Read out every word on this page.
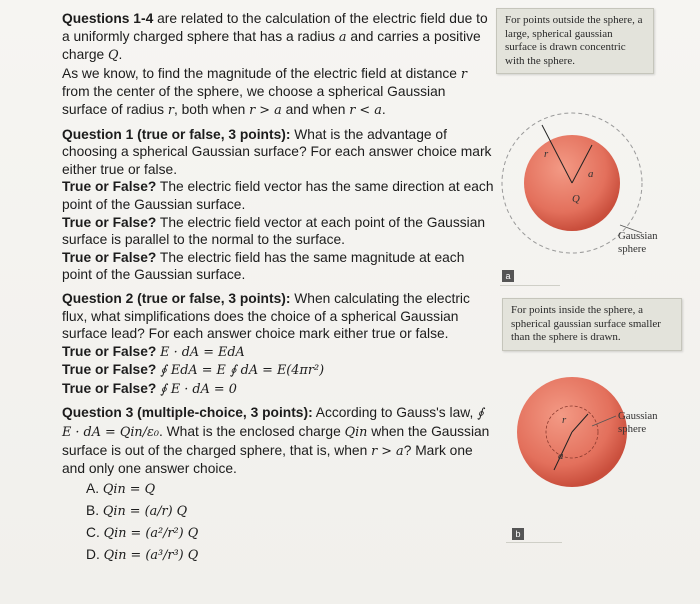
Questions 1-4 are related to the calculation of the electric field due to a uniformly charged sphere that has a radius a and carries a positive charge Q.

As we know, to find the magnitude of the electric field at distance r from the center of the sphere, we choose a spherical Gaussian surface of radius r, both when r > a and when r < a.

Question 1 (true or false, 3 points): What is the advantage of choosing a spherical Gaussian surface? For each answer choice mark either true or false.

True or False? The electric field vector has the same direction at each point of the Gaussian surface.

True or False? The electric field vector at each point of the Gaussian surface is parallel to the normal to the surface.

True or False? The electric field has the same magnitude at each point of the Gaussian surface.

Question 2 (true or false, 3 points): When calculating the electric flux, what simplifications does the choice of a spherical Gaussian surface lead? For each answer choice mark either true or false.

True or False? E · dA = EdA

True or False? ∮ EdA = E ∮ dA = E(4πr²)

True or False? ∮ E · dA = 0

Question 3 (multiple-choice, 3 points): According to Gauss's law, ∮ E · dA = Qin/ε₀. What is the enclosed charge Qin when the Gaussian surface is out of the charged sphere, that is, when r > a? Mark one and only one answer choice.

A. Qin = Q

B. Qin = (a/r) Q

C. Qin = (a²/r²) Q

D. Qin = (a³/r³) Q

For points outside the sphere, a large, spherical gaussian surface is drawn concentric with the sphere.
r
a
Q
Gaussian sphere
a
For points inside the sphere, a spherical gaussian surface smaller than the sphere is drawn.
r
a
Gaussian sphere
b
